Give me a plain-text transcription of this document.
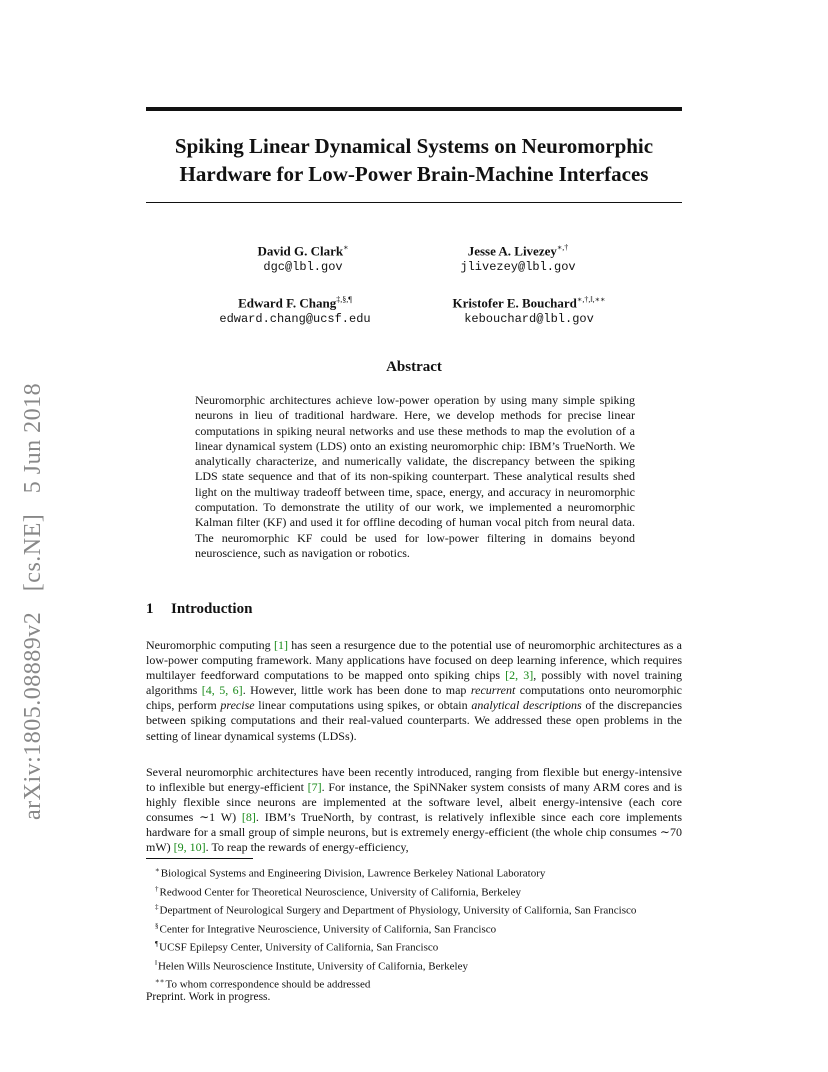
arXiv:1805.08889v2 [cs.NE] 5 Jun 2018
Spiking Linear Dynamical Systems on Neuromorphic
Hardware for Low-Power Brain-Machine Interfaces
David G. Clark∗
dgc@lbl.gov
Jesse A. Livezey∗,†
jlivezey@lbl.gov
Edward F. Chang‡,§,¶
edward.chang@ucsf.edu
Kristofer E. Bouchard∗,†,‖,∗∗
kebouchard@lbl.gov
Abstract
Neuromorphic architectures achieve low-power operation by using many simple spiking neurons in lieu of traditional hardware. Here, we develop methods for precise linear computations in spiking neural networks and use these methods to map the evolution of a linear dynamical system (LDS) onto an existing neuromorphic chip: IBM’s TrueNorth. We analytically characterize, and numerically validate, the discrepancy between the spiking LDS state sequence and that of its non-spiking counterpart. These analytical results shed light on the multiway tradeoff between time, space, energy, and accuracy in neuromorphic computation. To demonstrate the utility of our work, we implemented a neuromorphic Kalman filter (KF) and used it for offline decoding of human vocal pitch from neural data. The neuromorphic KF could be used for low-power filtering in domains beyond neuroscience, such as navigation or robotics.
1 Introduction
Neuromorphic computing [1] has seen a resurgence due to the potential use of neuromorphic architectures as a low-power computing framework. Many applications have focused on deep learning inference, which requires multilayer feedforward computations to be mapped onto spiking chips [2, 3], possibly with novel training algorithms [4, 5, 6]. However, little work has been done to map recurrent computations onto neuromorphic chips, perform precise linear computations using spikes, or obtain analytical descriptions of the discrepancies between spiking computations and their real-valued counterparts. We addressed these open problems in the setting of linear dynamical systems (LDSs).
Several neuromorphic architectures have been recently introduced, ranging from flexible but energy-intensive to inflexible but energy-efficient [7]. For instance, the SpiNNaker system consists of many ARM cores and is highly flexible since neurons are implemented at the software level, albeit energy-intensive (each core consumes ∼1 W) [8]. IBM’s TrueNorth, by contrast, is relatively inflexible since each core implements hardware for a small group of simple neurons, but is extremely energy-efficient (the whole chip consumes ∼70 mW) [9, 10]. To reap the rewards of energy-efficiency,
∗Biological Systems and Engineering Division, Lawrence Berkeley National Laboratory
†Redwood Center for Theoretical Neuroscience, University of California, Berkeley
‡Department of Neurological Surgery and Department of Physiology, University of California, San Francisco
§Center for Integrative Neuroscience, University of California, San Francisco
¶UCSF Epilepsy Center, University of California, San Francisco
‖Helen Wills Neuroscience Institute, University of California, Berkeley
∗∗To whom correspondence should be addressed
Preprint. Work in progress.
